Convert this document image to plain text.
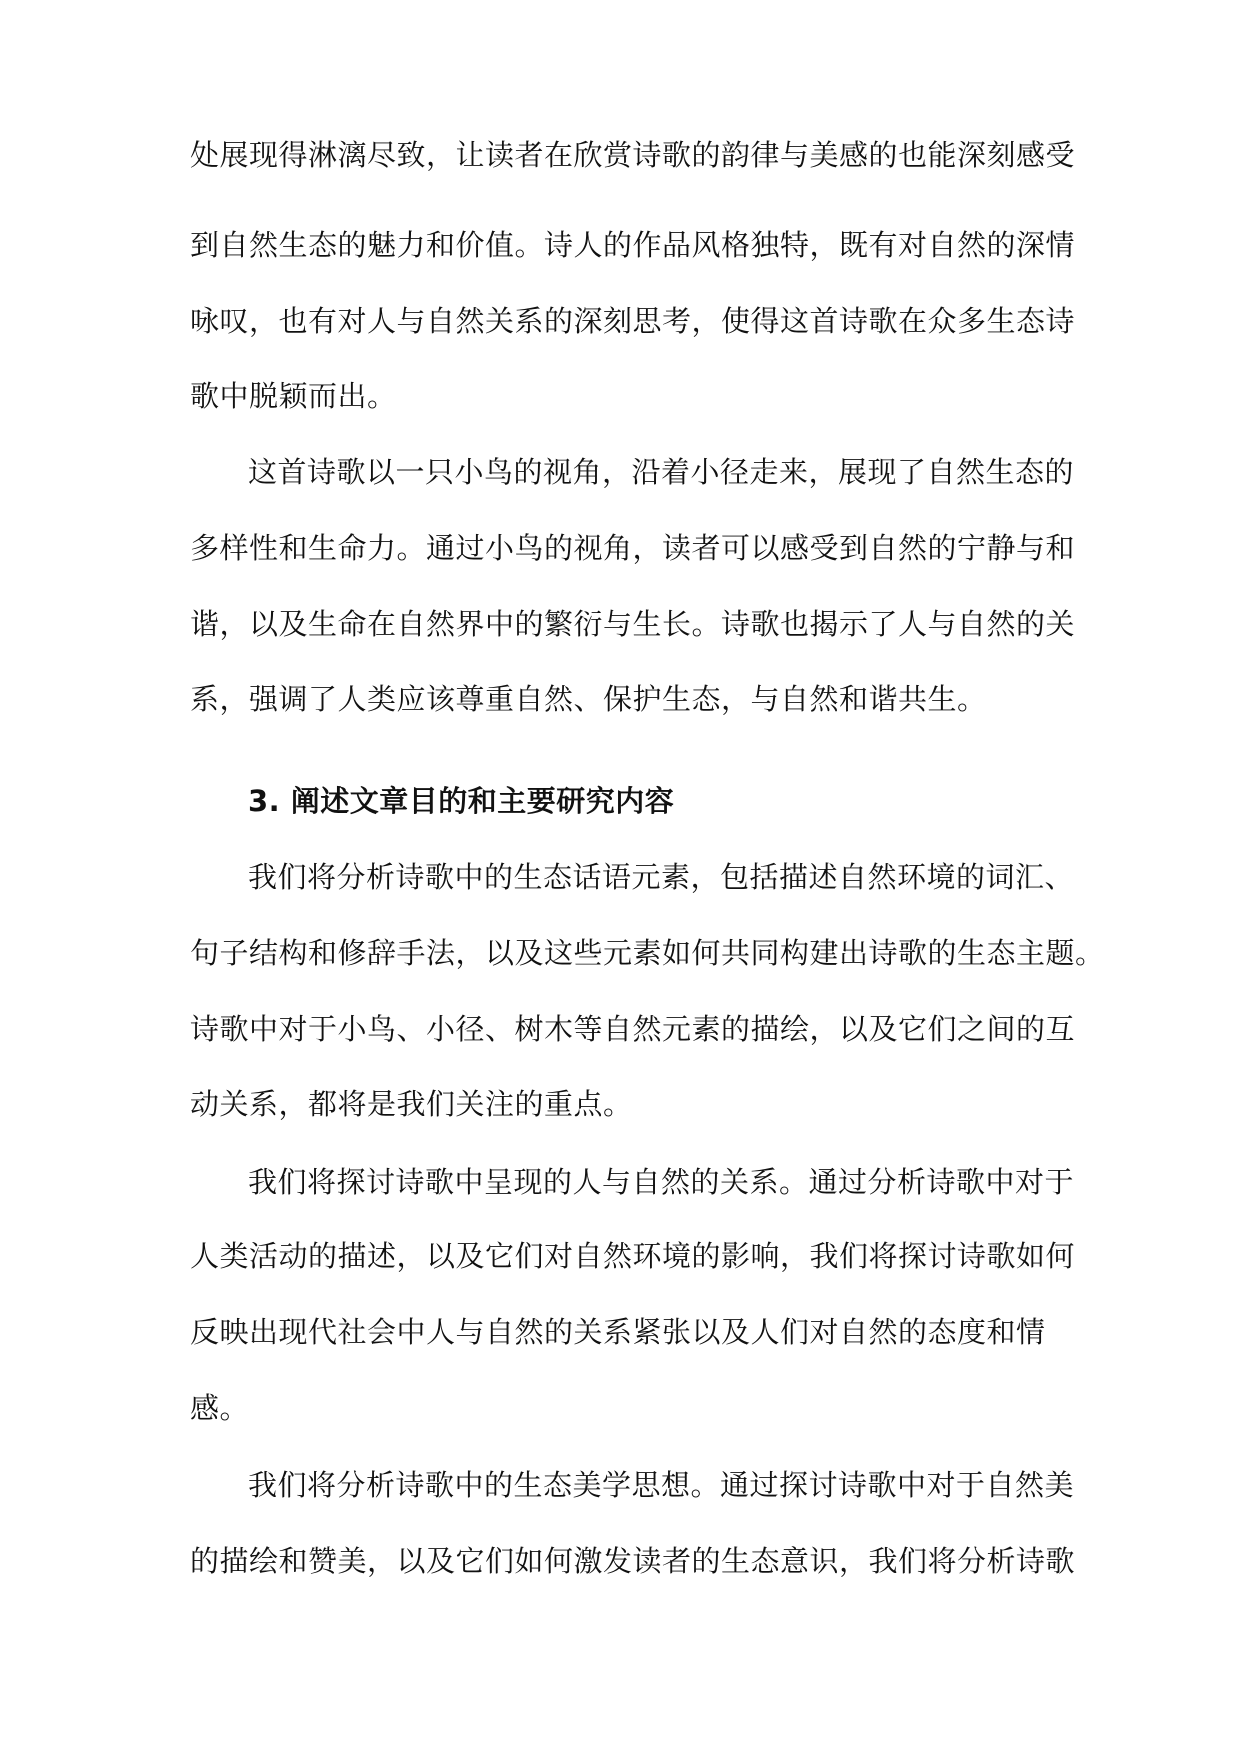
处展现得淋漓尽致，让读者在欣赏诗歌的韵律与美感的也能深刻感受

到自然生态的魅力和价值。诗人的作品风格独特，既有对自然的深情

咏叹，也有对人与自然关系的深刻思考，使得这首诗歌在众多生态诗

歌中脱颖而出。

这首诗歌以一只小鸟的视角，沿着小径走来，展现了自然生态的

多样性和生命力。通过小鸟的视角，读者可以感受到自然的宁静与和

谐，以及生命在自然界中的繁衍与生长。诗歌也揭示了人与自然的关

系，强调了人类应该尊重自然、保护生态，与自然和谐共生。

3. 阐述文章目的和主要研究内容

我们将分析诗歌中的生态话语元素，包括描述自然环境的词汇、

句子结构和修辞手法，以及这些元素如何共同构建出诗歌的生态主题。

诗歌中对于小鸟、小径、树木等自然元素的描绘，以及它们之间的互

动关系，都将是我们关注的重点。

我们将探讨诗歌中呈现的人与自然的关系。通过分析诗歌中对于

人类活动的描述，以及它们对自然环境的影响，我们将探讨诗歌如何

反映出现代社会中人与自然的关系紧张以及人们对自然的态度和情

感。

我们将分析诗歌中的生态美学思想。通过探讨诗歌中对于自然美

的描绘和赞美，以及它们如何激发读者的生态意识，我们将分析诗歌
